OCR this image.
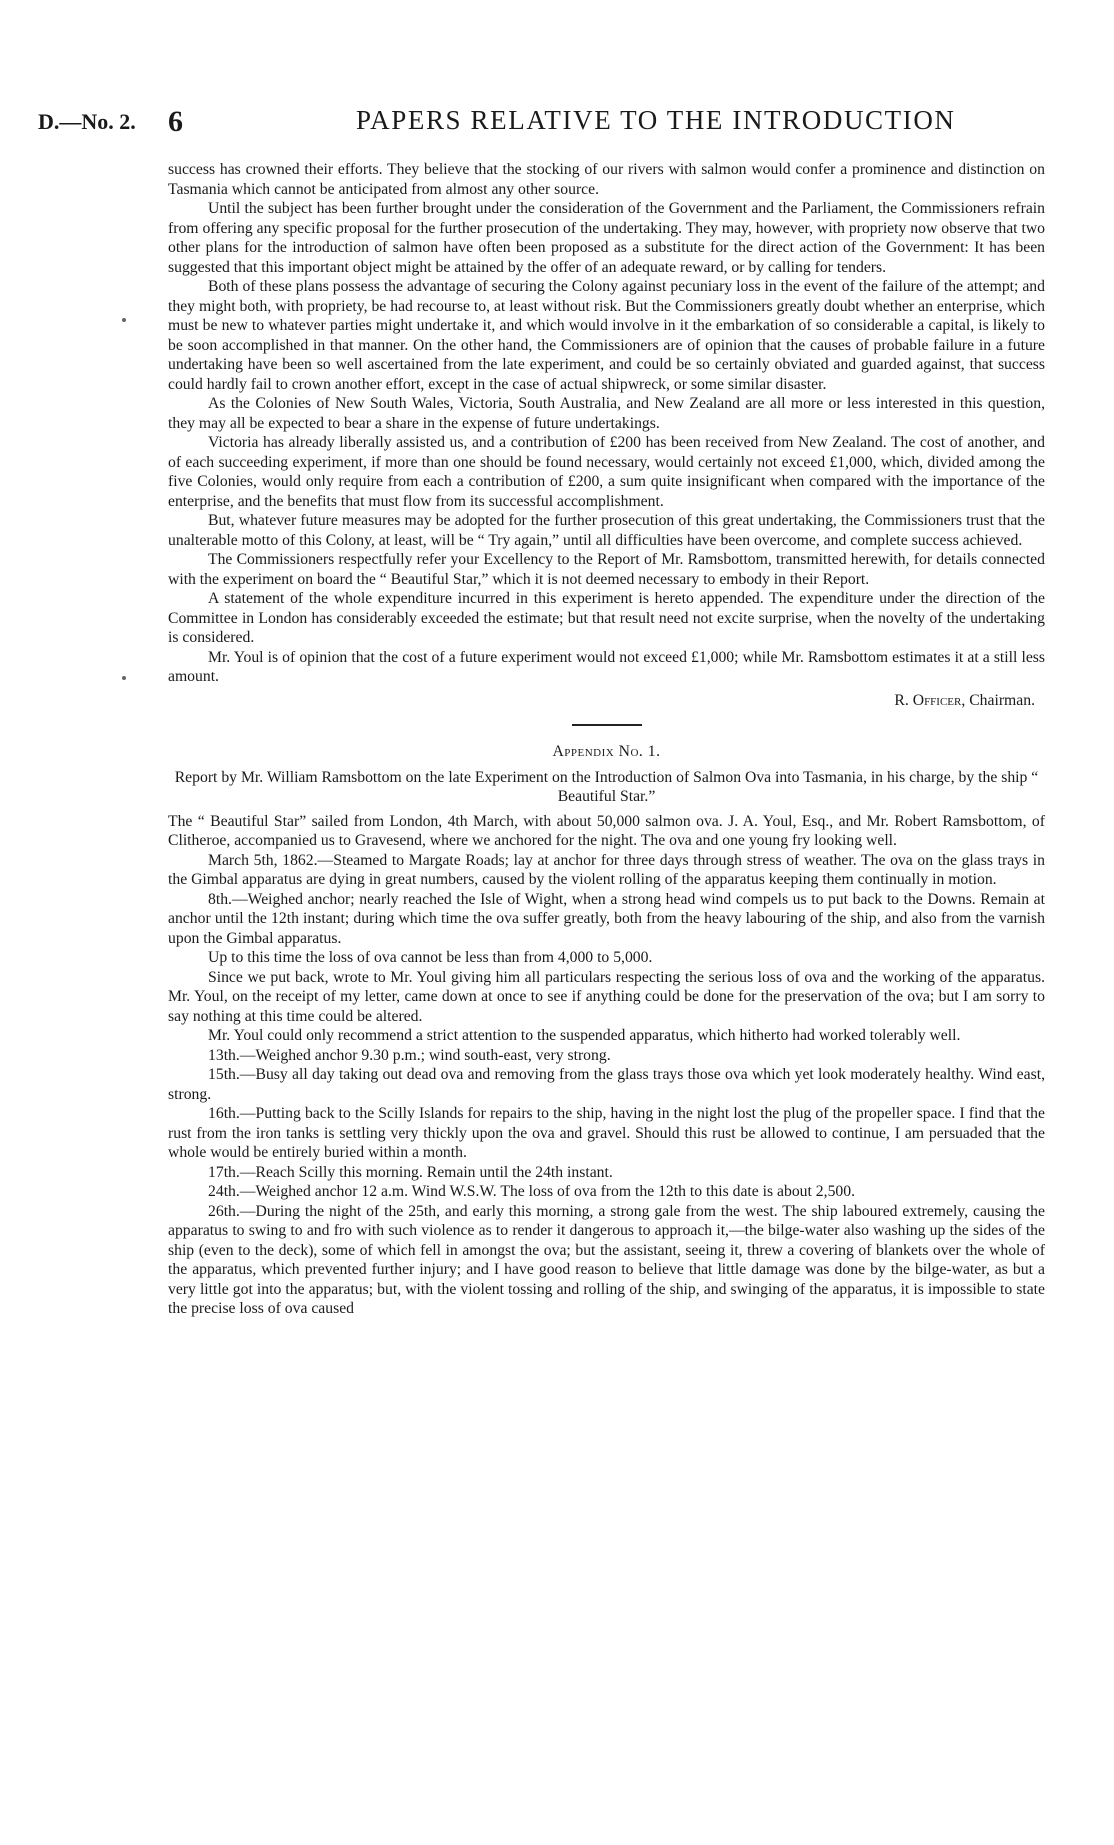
D.—No. 2. 6	PAPERS RELATIVE TO THE INTRODUCTION

success has crowned their efforts. They believe that the stocking of our rivers with salmon would confer a prominence and distinction on Tasmania which cannot be anticipated from almost any other source.

Until the subject has been further brought under the consideration of the Government and the Parliament, the Commissioners refrain from offering any specific proposal for the further prosecution of the undertaking. They may, however, with propriety now observe that two other plans for the introduction of salmon have often been proposed as a substitute for the direct action of the Government: It has been suggested that this important object might be attained by the offer of an adequate reward, or by calling for tenders.

Both of these plans possess the advantage of securing the Colony against pecuniary loss in the event of the failure of the attempt; and they might both, with propriety, be had recourse to, at least without risk. But the Commissioners greatly doubt whether an enterprise, which must be new to whatever parties might undertake it, and which would involve in it the embarkation of so considerable a capital, is likely to be soon accomplished in that manner. On the other hand, the Commissioners are of opinion that the causes of probable failure in a future undertaking have been so well ascertained from the late experiment, and could be so certainly obviated and guarded against, that success could hardly fail to crown another effort, except in the case of actual shipwreck, or some similar disaster.

As the Colonies of New South Wales, Victoria, South Australia, and New Zealand are all more or less interested in this question, they may all be expected to bear a share in the expense of future undertakings.

Victoria has already liberally assisted us, and a contribution of £200 has been received from New Zealand. The cost of another, and of each succeeding experiment, if more than one should be found necessary, would certainly not exceed £1,000, which, divided among the five Colonies, would only require from each a contribution of £200, a sum quite insignificant when compared with the importance of the enterprise, and the benefits that must flow from its successful accomplishment.

But, whatever future measures may be adopted for the further prosecution of this great undertaking, the Commissioners trust that the unalterable motto of this Colony, at least, will be “ Try again,” until all difficulties have been overcome, and complete success achieved.

The Commissioners respectfully refer your Excellency to the Report of Mr. Ramsbottom, transmitted herewith, for details connected with the experiment on board the “ Beautiful Star,” which it is not deemed necessary to embody in their Report.

A statement of the whole expenditure incurred in this experiment is hereto appended. The expenditure under the direction of the Committee in London has considerably exceeded the estimate; but that result need not excite surprise, when the novelty of the undertaking is considered.

Mr. Youl is of opinion that the cost of a future experiment would not exceed £1,000; while Mr. Ramsbottom estimates it at a still less amount.

R. Officer, Chairman.
Appendix No. 1.
Report by Mr. William Ramsbottom on the late Experiment on the Introduction of Salmon Ova into Tasmania, in his charge, by the ship “ Beautiful Star.”

The “ Beautiful Star” sailed from London, 4th March, with about 50,000 salmon ova. J. A. Youl, Esq., and Mr. Robert Ramsbottom, of Clitheroe, accompanied us to Gravesend, where we anchored for the night. The ova and one young fry looking well.

March 5th, 1862.—Steamed to Margate Roads; lay at anchor for three days through stress of weather. The ova on the glass trays in the Gimbal apparatus are dying in great numbers, caused by the violent rolling of the apparatus keeping them continually in motion.

8th.—Weighed anchor; nearly reached the Isle of Wight, when a strong head wind compels us to put back to the Downs. Remain at anchor until the 12th instant; during which time the ova suffer greatly, both from the heavy labouring of the ship, and also from the varnish upon the Gimbal apparatus.

Up to this time the loss of ova cannot be less than from 4,000 to 5,000.

Since we put back, wrote to Mr. Youl giving him all particulars respecting the serious loss of ova and the working of the apparatus. Mr. Youl, on the receipt of my letter, came down at once to see if anything could be done for the preservation of the ova; but I am sorry to say nothing at this time could be altered.

Mr. Youl could only recommend a strict attention to the suspended apparatus, which hitherto had worked tolerably well.

13th.—Weighed anchor 9.30 p.m.; wind south-east, very strong.

15th.—Busy all day taking out dead ova and removing from the glass trays those ova which yet look moderately healthy. Wind east, strong.

16th.—Putting back to the Scilly Islands for repairs to the ship, having in the night lost the plug of the propeller space. I find that the rust from the iron tanks is settling very thickly upon the ova and gravel. Should this rust be allowed to continue, I am persuaded that the whole would be entirely buried within a month.

17th.—Reach Scilly this morning. Remain until the 24th instant.

24th.—Weighed anchor 12 a.m. Wind W.S.W. The loss of ova from the 12th to this date is about 2,500.

26th.—During the night of the 25th, and early this morning, a strong gale from the west. The ship laboured extremely, causing the apparatus to swing to and fro with such violence as to render it dangerous to approach it,—the bilge-water also washing up the sides of the ship (even to the deck), some of which fell in amongst the ova; but the assistant, seeing it, threw a covering of blankets over the whole of the apparatus, which prevented further injury; and I have good reason to believe that little damage was done by the bilge-water, as but a very little got into the apparatus; but, with the violent tossing and rolling of the ship, and swinging of the apparatus, it is impossible to state the precise loss of ova caused
